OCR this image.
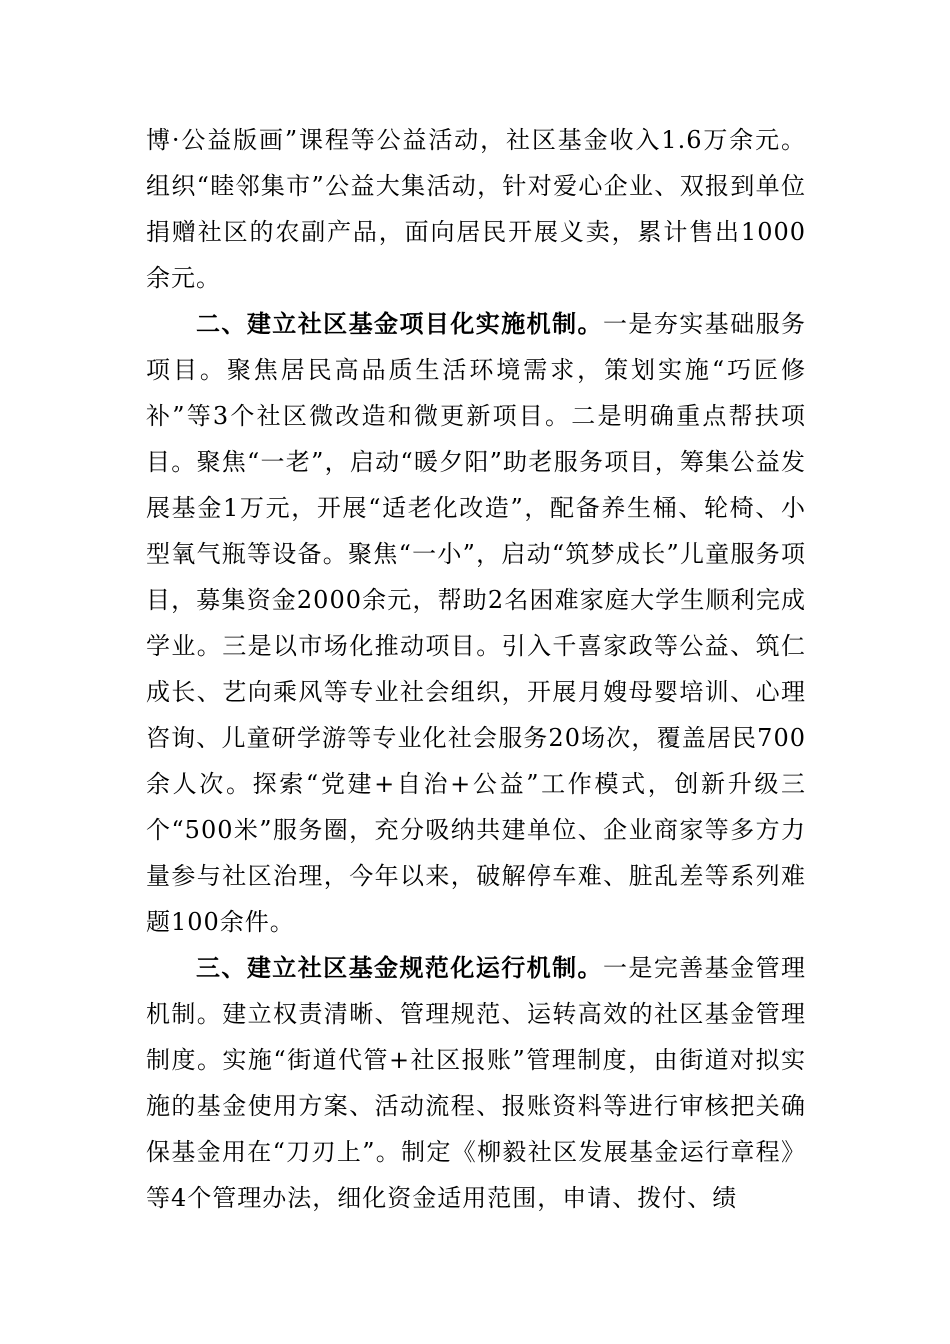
博·公益版画”课程等公益活动，社区基金收入1.6万余元。组织“睦邻集市”公益大集活动，针对爱心企业、双报到单位捐赠社区的农副产品，面向居民开展义卖，累计售出1000余元。

二、建立社区基金项目化实施机制。一是夯实基础服务项目。聚焦居民高品质生活环境需求，策划实施“巧匠修补”等3个社区微改造和微更新项目。二是明确重点帮扶项目。聚焦“一老”，启动“暖夕阳”助老服务项目，筹集公益发展基金1万元，开展“适老化改造”，配备养生桶、轮椅、小型氧气瓶等设备。聚焦“一小”，启动“筑梦成长”儿童服务项目，募集资金2000余元，帮助2名困难家庭大学生顺利完成学业。三是以市场化推动项目。引入千喜家政等公益、筑仁成长、艺向乘风等专业社会组织，开展月嫂母婴培训、心理咨询、儿童研学游等专业化社会服务20场次，覆盖居民700余人次。探索“党建+自治+公益”工作模式，创新升级三个“500米”服务圈，充分吸纳共建单位、企业商家等多方力量参与社区治理，今年以来，破解停车难、脏乱差等系列难题100余件。

三、建立社区基金规范化运行机制。一是完善基金管理机制。建立权责清晰、管理规范、运转高效的社区基金管理制度。实施“街道代管+社区报账”管理制度，由街道对拟实施的基金使用方案、活动流程、报账资料等进行审核把关确保基金用在“刀刃上”。制定《柳毅社区发展基金运行章程》等4个管理办法，细化资金适用范围，申请、拨付、绩
